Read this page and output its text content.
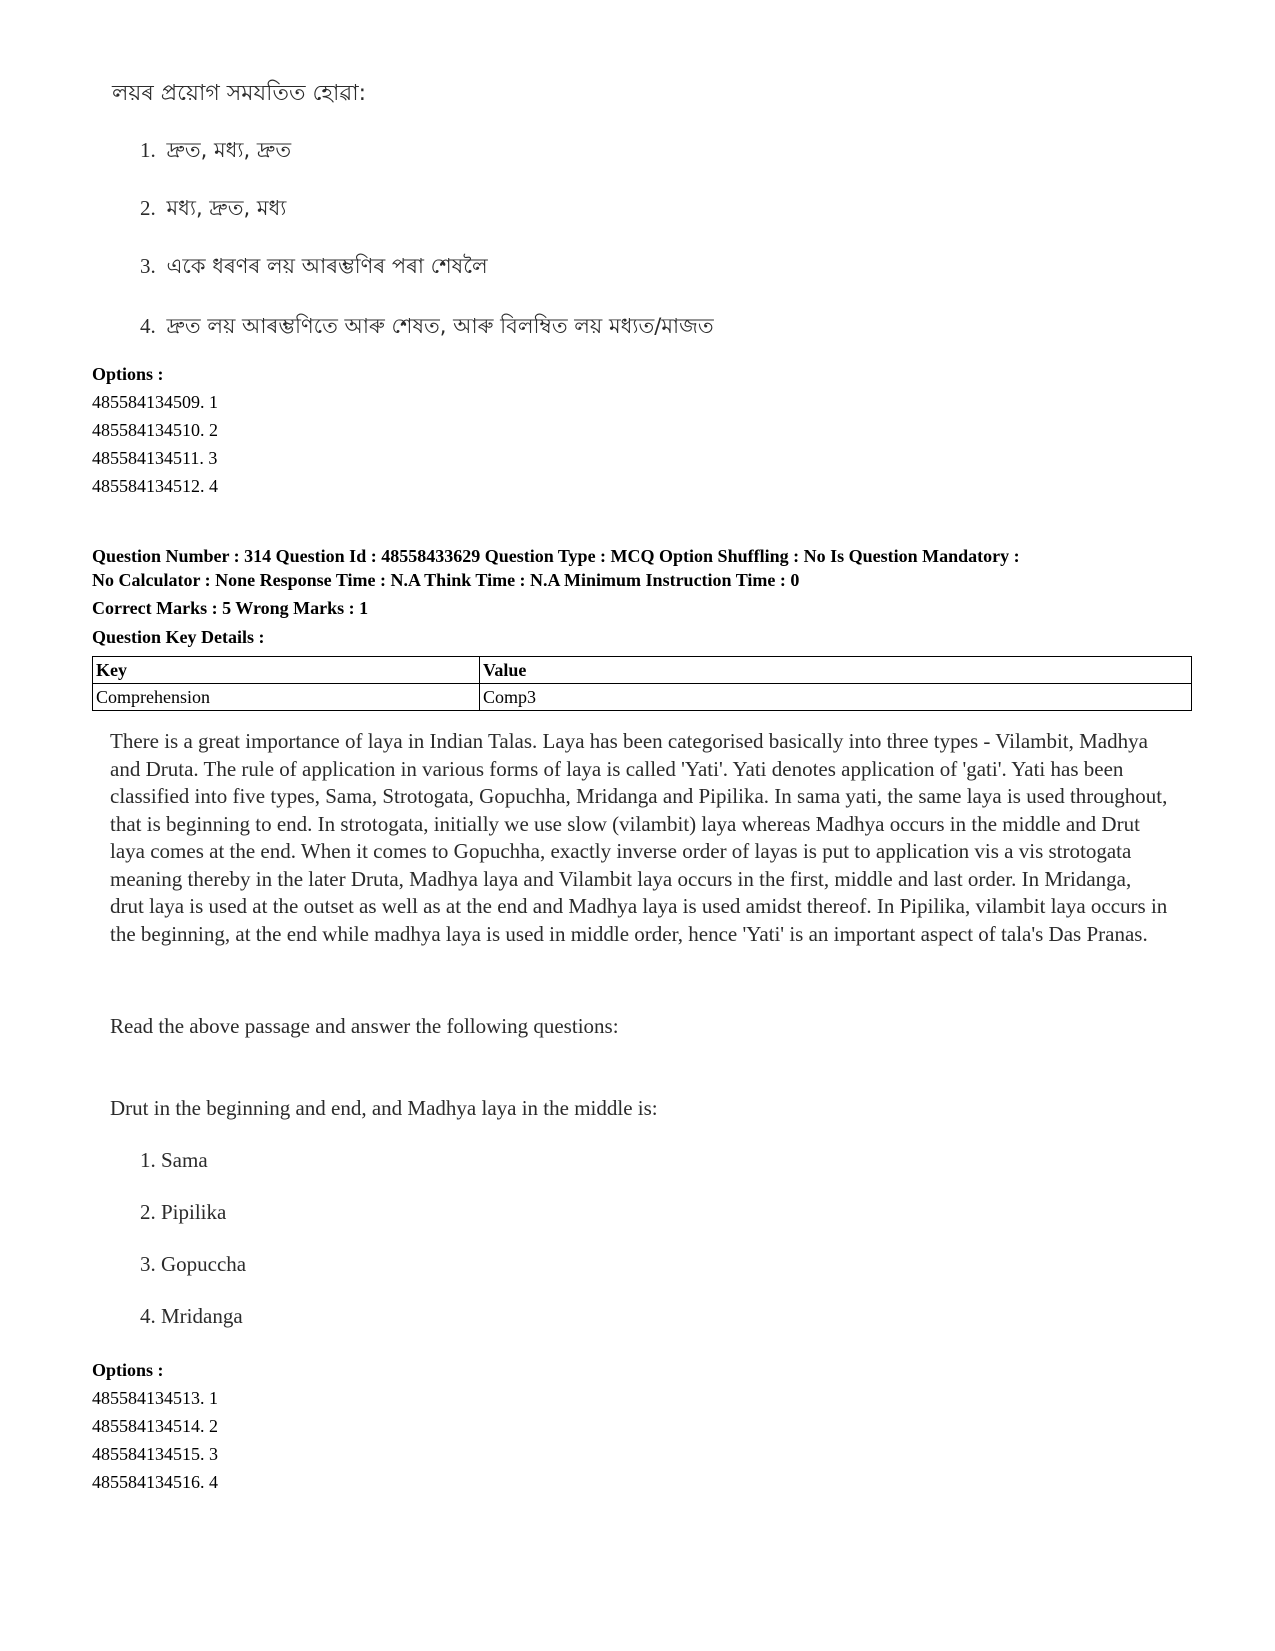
লয়ৰ প্ৰয়োগ সমযতিত হোৱা:
1. দ্ৰুত, মধ্য, দ্ৰুত
2. মধ্য, দ্ৰুত, মধ্য
3. একে ধৰণৰ লয় আৰম্ভণিৰ পৰা শেষলৈ
4. দ্ৰুত লয় আৰম্ভণিতে আৰু শেষত, আৰু বিলম্বিত লয় মধ্যত/মাজত
Options :
485584134509. 1
485584134510. 2
485584134511. 3
485584134512. 4
Question Number : 314 Question Id : 48558433629 Question Type : MCQ Option Shuffling : No Is Question Mandatory :
No Calculator : None Response Time : N.A Think Time : N.A Minimum Instruction Time : 0
Correct Marks : 5 Wrong Marks : 1
Question Key Details :
Key	Value
Comprehension	Comp3
There is a great importance of laya in Indian Talas. Laya has been categorised basically into three types - Vilambit, Madhya and Druta. The rule of application in various forms of laya is called 'Yati'. Yati denotes application of 'gati'. Yati has been classified into five types, Sama, Strotogata, Gopuchha, Mridanga and Pipilika. In sama yati, the same laya is used throughout, that is beginning to end. In strotogata, initially we use slow (vilambit) laya whereas Madhya occurs in the middle and Drut laya comes at the end. When it comes to Gopuchha, exactly inverse order of layas is put to application vis a vis strotogata meaning thereby in the later Druta, Madhya laya and Vilambit laya occurs in the first, middle and last order. In Mridanga, drut laya is used at the outset as well as at the end and Madhya laya is used amidst thereof. In Pipilika, vilambit laya occurs in the beginning, at the end while madhya laya is used in middle order, hence 'Yati' is an important aspect of tala's Das Pranas.
Read the above passage and answer the following questions:
Drut in the beginning and end, and Madhya laya in the middle is:
1. Sama
2. Pipilika
3. Gopuccha
4. Mridanga
Options :
485584134513. 1
485584134514. 2
485584134515. 3
485584134516. 4
